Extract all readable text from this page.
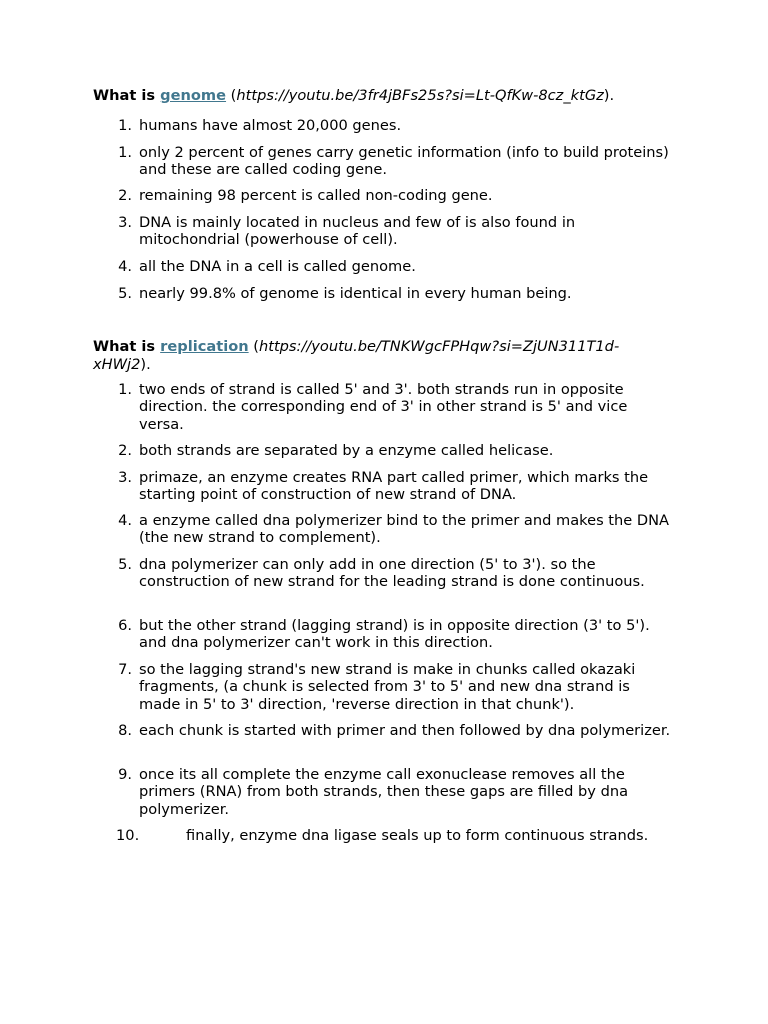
What is genome (https://youtu.be/3fr4jBFs25s?si=Lt-QfKw-8cz_ktGz).
1. humans have almost 20,000 genes.
1. only 2 percent of genes carry genetic information (info to build proteins) and these are called coding gene.
2. remaining 98 percent is called non-coding gene.
3. DNA is mainly located in nucleus and few of is also found in mitochondrial (powerhouse of cell).
4. all the DNA in a cell is called genome.
5. nearly 99.8% of genome is identical in every human being.
What is replication (https://youtu.be/TNKWgcFPHqw?si=ZjUN311T1d-xHWj2).
1. two ends of strand is called 5' and 3'. both strands run in opposite direction. the corresponding end of 3' in other strand is 5' and vice versa.
2. both strands are separated by a enzyme called helicase.
3. primaze, an enzyme creates RNA part called primer, which marks the starting point of construction of new strand of DNA.
4. a enzyme called dna polymerizer bind to the primer and makes the DNA (the new strand to complement).
5. dna polymerizer can only add in one direction (5' to 3'). so the construction of new strand for the leading strand is done continuous.
6. but the other strand (lagging strand) is in opposite direction (3' to 5'). and dna polymerizer can't work in this direction.
7. so the lagging strand's new strand is make in chunks called okazaki fragments, (a chunk is selected from 3' to 5' and new dna strand is made in 5' to 3' direction, 'reverse direction in that chunk').
8. each chunk is started with primer and then followed by dna polymerizer.
9. once its all complete the enzyme call exonuclease removes all the primers (RNA) from both strands, then these gaps are filled by dna polymerizer.
10.	finally, enzyme dna ligase seals up to form continuous strands.
